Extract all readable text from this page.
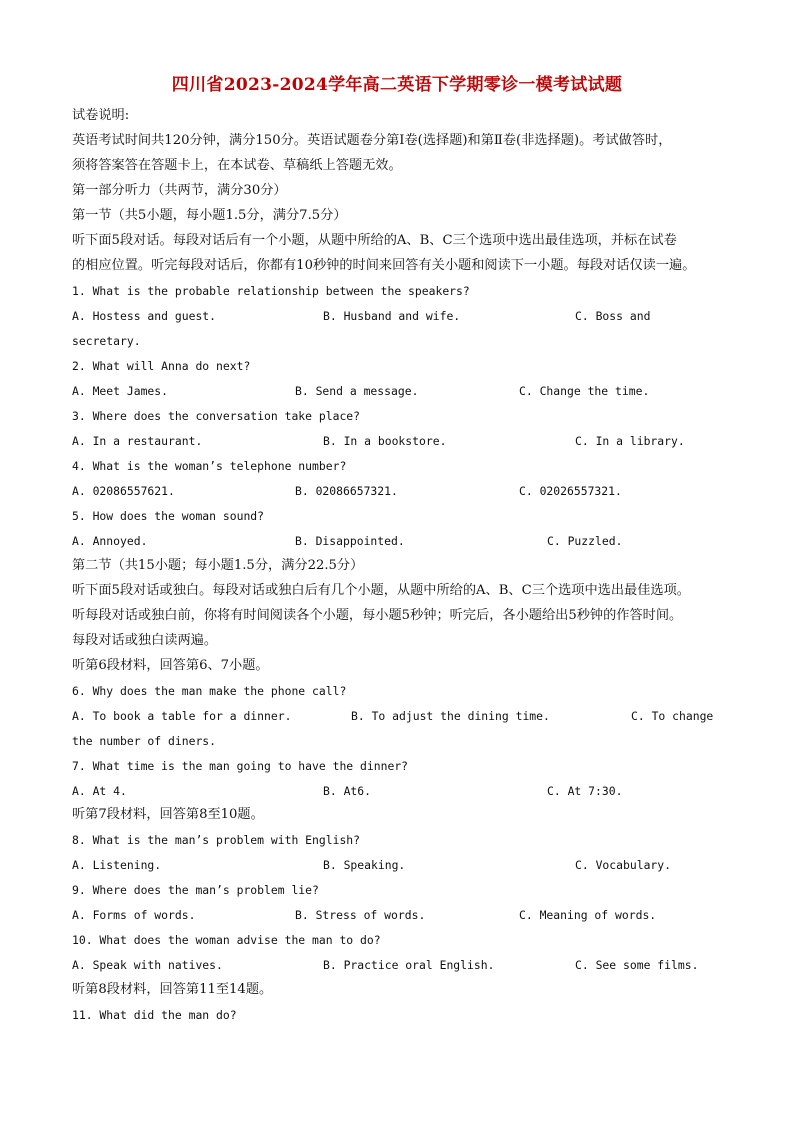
四川省2023-2024学年高二英语下学期零诊一模考试试题
试卷说明:
英语考试时间共120分钟，满分150分。英语试题卷分第Ⅰ卷(选择题)和第Ⅱ卷(非选择题)。考试做答时，
须将答案答在答题卡上，在本试卷、草稿纸上答题无效。
第一部分听力（共两节，满分30分）
第一节（共5小题，每小题1.5分，满分7.5分）
听下面5段对话。每段对话后有一个小题，从题中所给的A、B、C三个选项中选出最佳选项，并标在试卷
的相应位置。听完每段对话后，你都有10秒钟的时间来回答有关小题和阅读下一小题。每段对话仅读一遍。
1. What is the probable relationship between the speakers?
A. Hostess and guest.	B. Husband and wife.	C. Boss and
secretary.
2. What will Anna do next?
A. Meet James.	B. Send a message.	C. Change the time.
3. Where does the conversation take place?
A. In a restaurant.	B. In a bookstore.	C. In a library.
4. What is the woman’s telephone number?
A. 02086557621.	B. 02086657321.	C. 02026557321.
5. How does the woman sound?
A. Annoyed.	B. Disappointed.	C. Puzzled.
第二节（共15小题；每小题1.5分，满分22.5分）
听下面5段对话或独白。每段对话或独白后有几个小题，从题中所给的A、B、C三个选项中选出最佳选项。
听每段对话或独白前，你将有时间阅读各个小题，每小题5秒钟；听完后，各小题给出5秒钟的作答时间。
每段对话或独白读两遍。
听第6段材料，回答第6、7小题。
6. Why does the man make the phone call?
A. To book a table for a dinner.	B. To adjust the dining time.	C. To change
the number of diners.
7. What time is the man going to have the dinner?
A. At 4.	B. At6.	C. At 7:30.
听第7段材料，回答第8至10题。
8. What is the man’s problem with English?
A. Listening.	B. Speaking.	C. Vocabulary.
9. Where does the man’s problem lie?
A. Forms of words.	B. Stress of words.	C. Meaning of words.
10. What does the woman advise the man to do?
A. Speak with natives.	B. Practice oral English.	C. See some films.
听第8段材料，回答第11至14题。
11. What did the man do?
